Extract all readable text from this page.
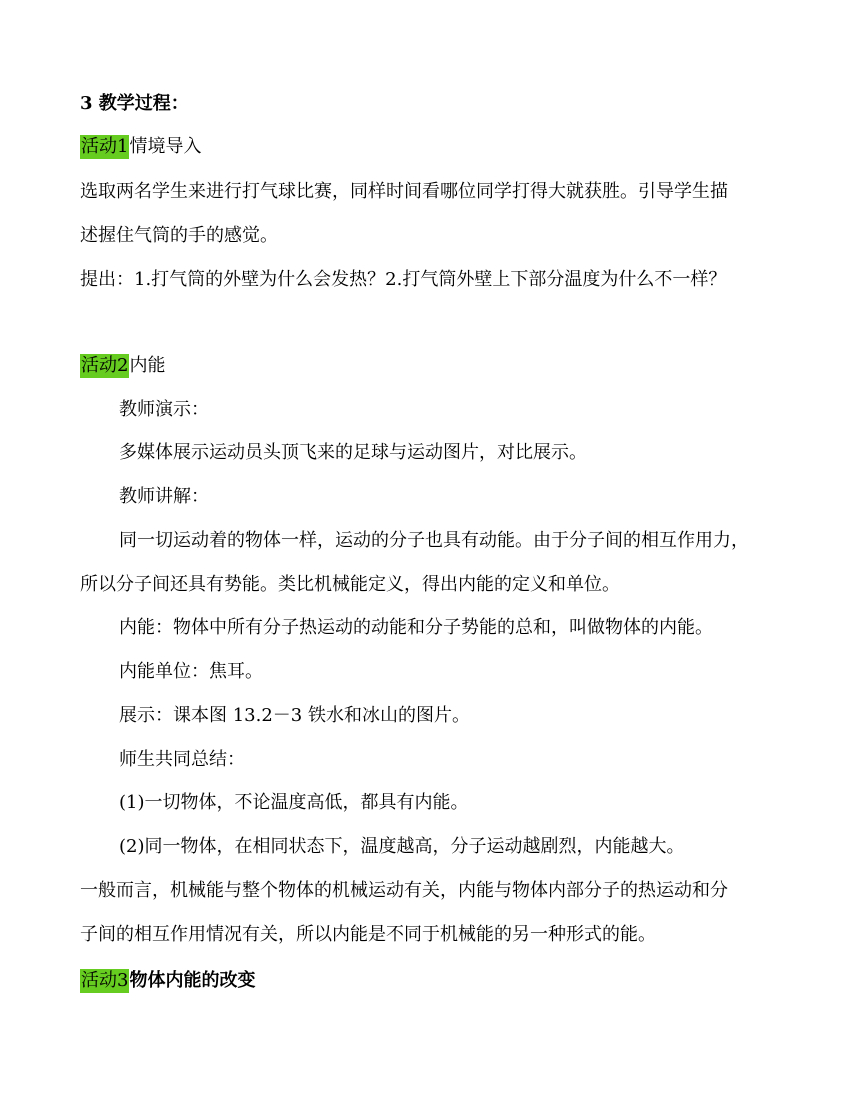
3 教学过程：
活动1情境导入
选取两名学生来进行打气球比赛，同样时间看哪位同学打得大就获胜。引导学生描
述握住气筒的手的感觉。
提出：1.打气筒的外壁为什么会发热？2.打气筒外壁上下部分温度为什么不一样？
活动2内能
教师演示：
多媒体展示运动员头顶飞来的足球与运动图片，对比展示。
教师讲解：
同一切运动着的物体一样，运动的分子也具有动能。由于分子间的相互作用力，
所以分子间还具有势能。类比机械能定义，得出内能的定义和单位。
内能：物体中所有分子热运动的动能和分子势能的总和，叫做物体的内能。
内能单位：焦耳。
展示：课本图 13.2－3 铁水和冰山的图片。
师生共同总结：
(1)一切物体，不论温度高低，都具有内能。
(2)同一物体，在相同状态下，温度越高，分子运动越剧烈，内能越大。
一般而言，机械能与整个物体的机械运动有关，内能与物体内部分子的热运动和分
子间的相互作用情况有关，所以内能是不同于机械能的另一种形式的能。
活动3物体内能的改变
